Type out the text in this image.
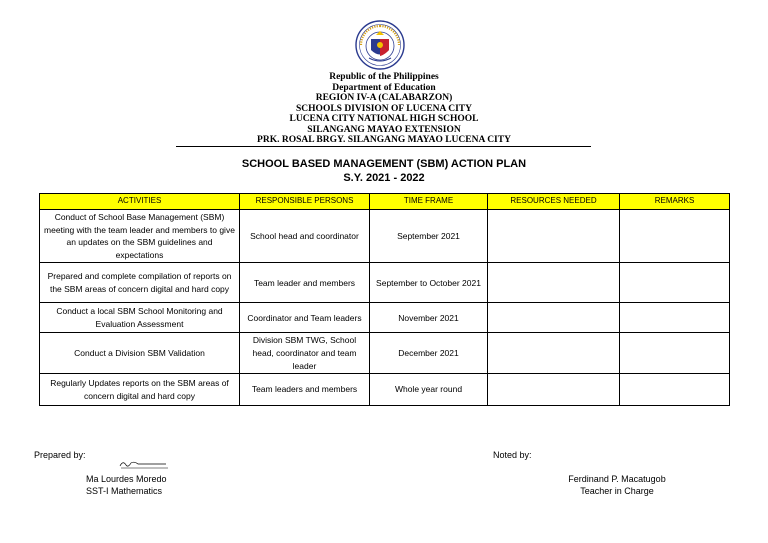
Republic of the Philippines
Department of Education
REGION IV-A (CALABARZON)
SCHOOLS DIVISION OF LUCENA CITY
LUCENA CITY NATIONAL HIGH SCHOOL
SILANGANG MAYAO EXTENSION
PRK. ROSAL BRGY. SILANGANG MAYAO LUCENA CITY
SCHOOL BASED MANAGEMENT (SBM) ACTION PLAN
S.Y. 2021 - 2022
ACTIVITIES	RESPONSIBLE PERSONS	TIME FRAME	RESOURCES NEEDED	REMARKS
Conduct of School Base Management (SBM) meeting with the team leader and members to give an updates on the SBM guidelines and expectations	School head and coordinator	September 2021		
Prepared and complete compilation of reports on the SBM areas of concern digital and hard copy	Team leader and members	September to October 2021		
Conduct a local SBM School Monitoring and Evaluation Assessment	Coordinator and Team leaders	November 2021		
Conduct a Division SBM Validation	Division SBM TWG, School head, coordinator and team leader	December 2021		
Regularly Updates reports on the SBM areas of concern digital and hard copy	Team leaders and members	Whole year round		
Prepared by:
Ma Lourdes Moredo
SST-I Mathematics
Noted by:
Ferdinand P. Macatugob
Teacher in Charge
